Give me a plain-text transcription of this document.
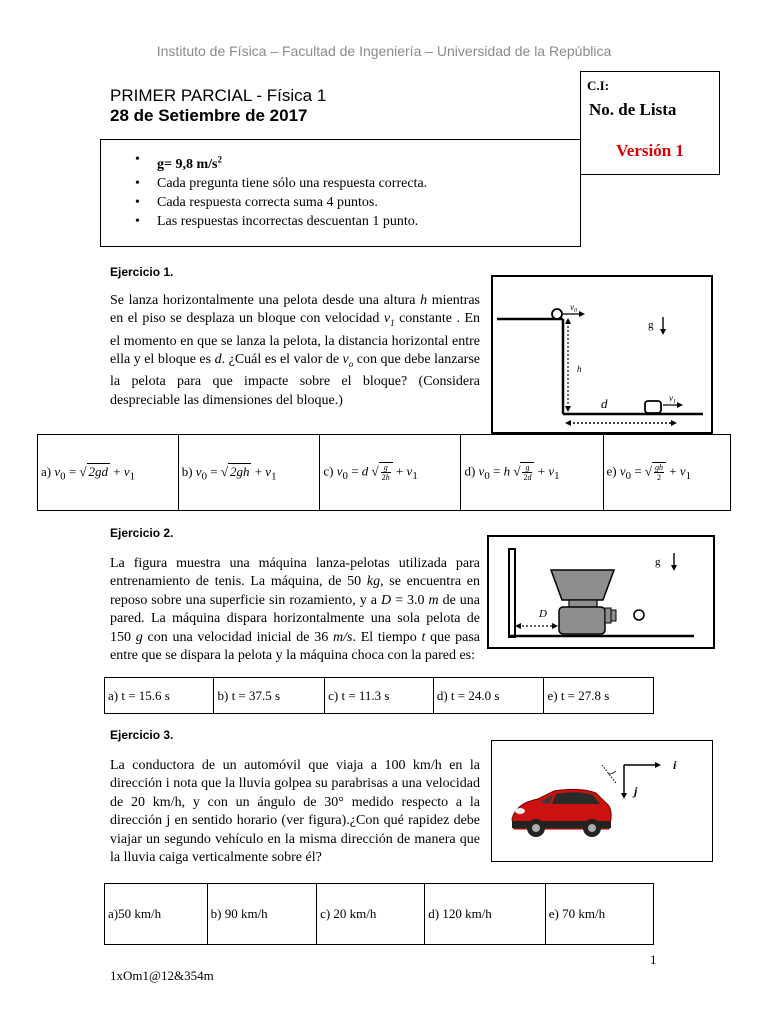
Instituto de Física – Facultad de Ingeniería – Universidad de la República
PRIMER PARCIAL - Física 1
28 de Setiembre de 2017
C.I:
No. de Lista
Versión 1
• g= 9,8 $m/s^2$
• Cada pregunta tiene sólo una respuesta correcta.
• Cada respuesta correcta suma 4 puntos.
• Las respuestas incorrectas descuentan 1 punto.
Ejercicio 1.
Se lanza horizontalmente una pelota desde una altura h mientras en el piso se desplaza un bloque con velocidad $v_1$ constante . En el momento en que se lanza la pelota, la distancia horizontal entre ella y el bloque es d. ¿Cuál es el valor de $v_o$ con que debe lanzarse la pelota para que impacte sobre el bloque? (Considera despreciable las dimensiones del bloque.)
$v_0$
g
h
d	$v_1$
a) $v_0$ = √ $2gd + v_1$	b) $v_0$ = √ $2gh + v_1$	c) $v_0 = d$ √ $\frac{g}{2h} + v_1$	d) $v_0 = h$ √ $\frac{g}{2d} + v_1$	e) $v_0$ = √ $\frac{gh}{2} + v_1$
Ejercicio 2.
La figura muestra una máquina lanza-pelotas utilizada para entrenamiento de tenis. La máquina, de 50 kg, se encuentra en reposo sobre una superficie sin rozamiento, y a D = 3.0 m de una pared. La máquina dispara horizontalmente una sola pelota de 150 g con una velocidad inicial de 36 m/s. El tiempo t que pasa entre que se dispara la pelota y la máquina choca con la pared es:
g
D
a) t = 15.6 s	b) t = 37.5 s	c) t = 11.3 s	d) t = 24.0 s	e) t = 27.8 s
Ejercicio 3.
La conductora de un automóvil que viaja a 100 km/h en la dirección i nota que la lluvia golpea su parabrisas a una velocidad de 20 km/h, y con un ángulo de 30° medido respecto a la dirección j en sentido horario (ver figura).¿Con qué rapidez debe viajar un segundo vehículo en la misma dirección de manera que la lluvia caiga verticalmente sobre él?
i
j
a)50 km/h	b) 90 km/h	c) 20 km/h	d) 120 km/h	e) 70 km/h
1
1xOm1@12&354m
